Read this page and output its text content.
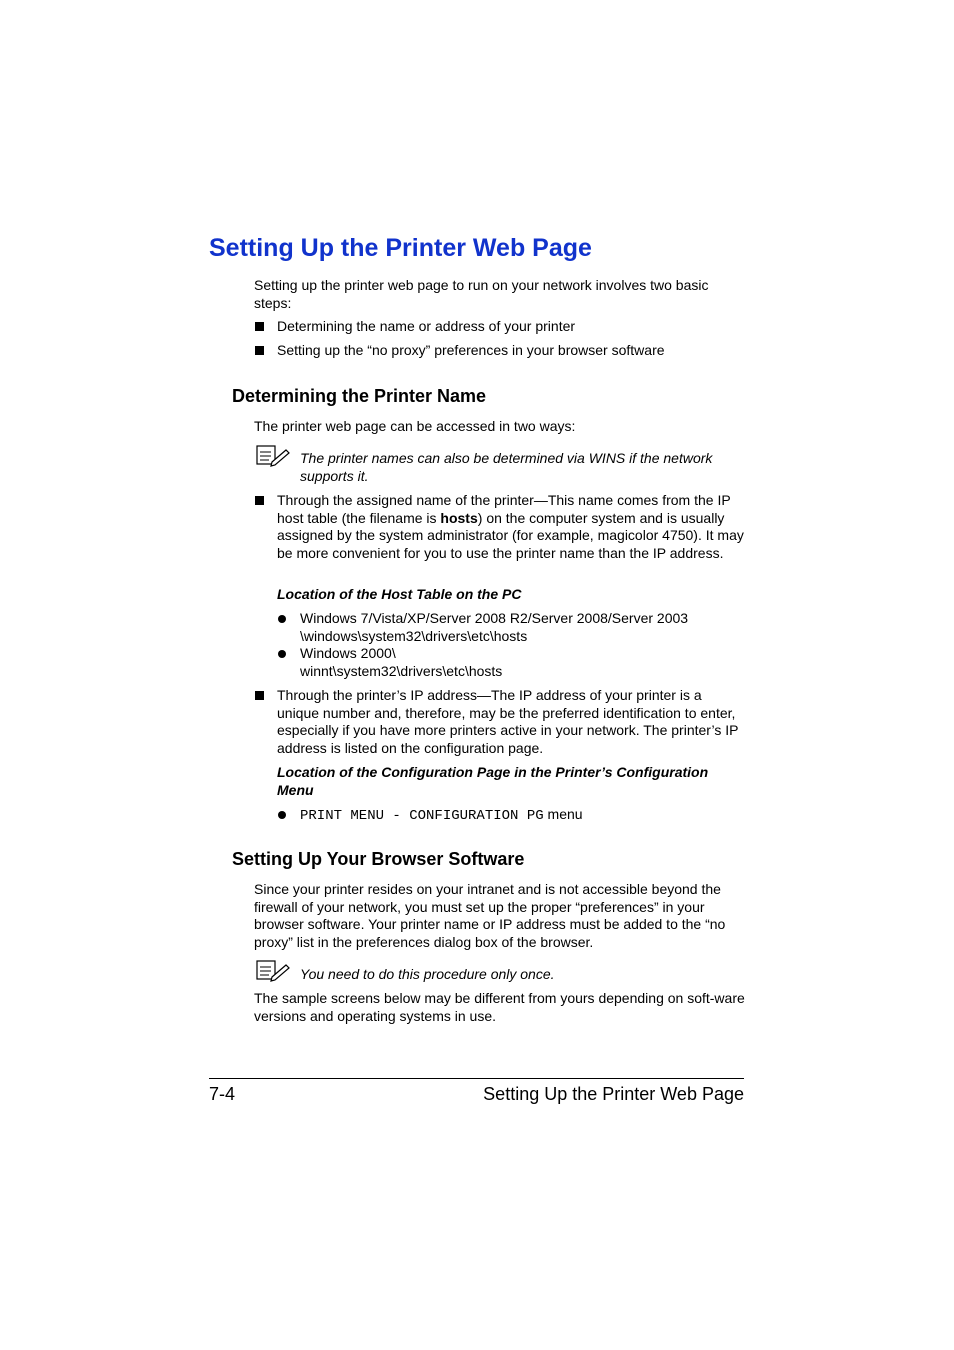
Setting Up the Printer Web Page
Setting up the printer web page to run on your network involves two basic steps:
Determining the name or address of your printer
Setting up the “no proxy” preferences in your browser software
Determining the Printer Name
The printer web page can be accessed in two ways:
The printer names can also be determined via WINS if the network supports it.
Through the assigned name of the printer—This name comes from the IP host table (the filename is hosts) on the computer system and is usually assigned by the system administrator (for example, magicolor 4750). It may be more convenient for you to use the printer name than the IP address.
Location of the Host Table on the PC
Windows 7/Vista/XP/Server 2008 R2/Server 2008/Server 2003
\windows\system32\drivers\etc\hosts
Windows 2000\
winnt\system32\drivers\etc\hosts
Through the printer’s IP address—The IP address of your printer is a unique number and, therefore, may be the preferred identification to enter, especially if you have more printers active in your network. The printer’s IP address is listed on the configuration page.
Location of the Configuration Page in the Printer’s Configuration Menu
PRINT MENU - CONFIGURATION PG menu
Setting Up Your Browser Software
Since your printer resides on your intranet and is not accessible beyond the firewall of your network, you must set up the proper “preferences” in your browser software. Your printer name or IP address must be added to the “no proxy” list in the preferences dialog box of the browser.
You need to do this procedure only once.
The sample screens below may be different from yours depending on soft-ware versions and operating systems in use.
7-4	Setting Up the Printer Web Page
